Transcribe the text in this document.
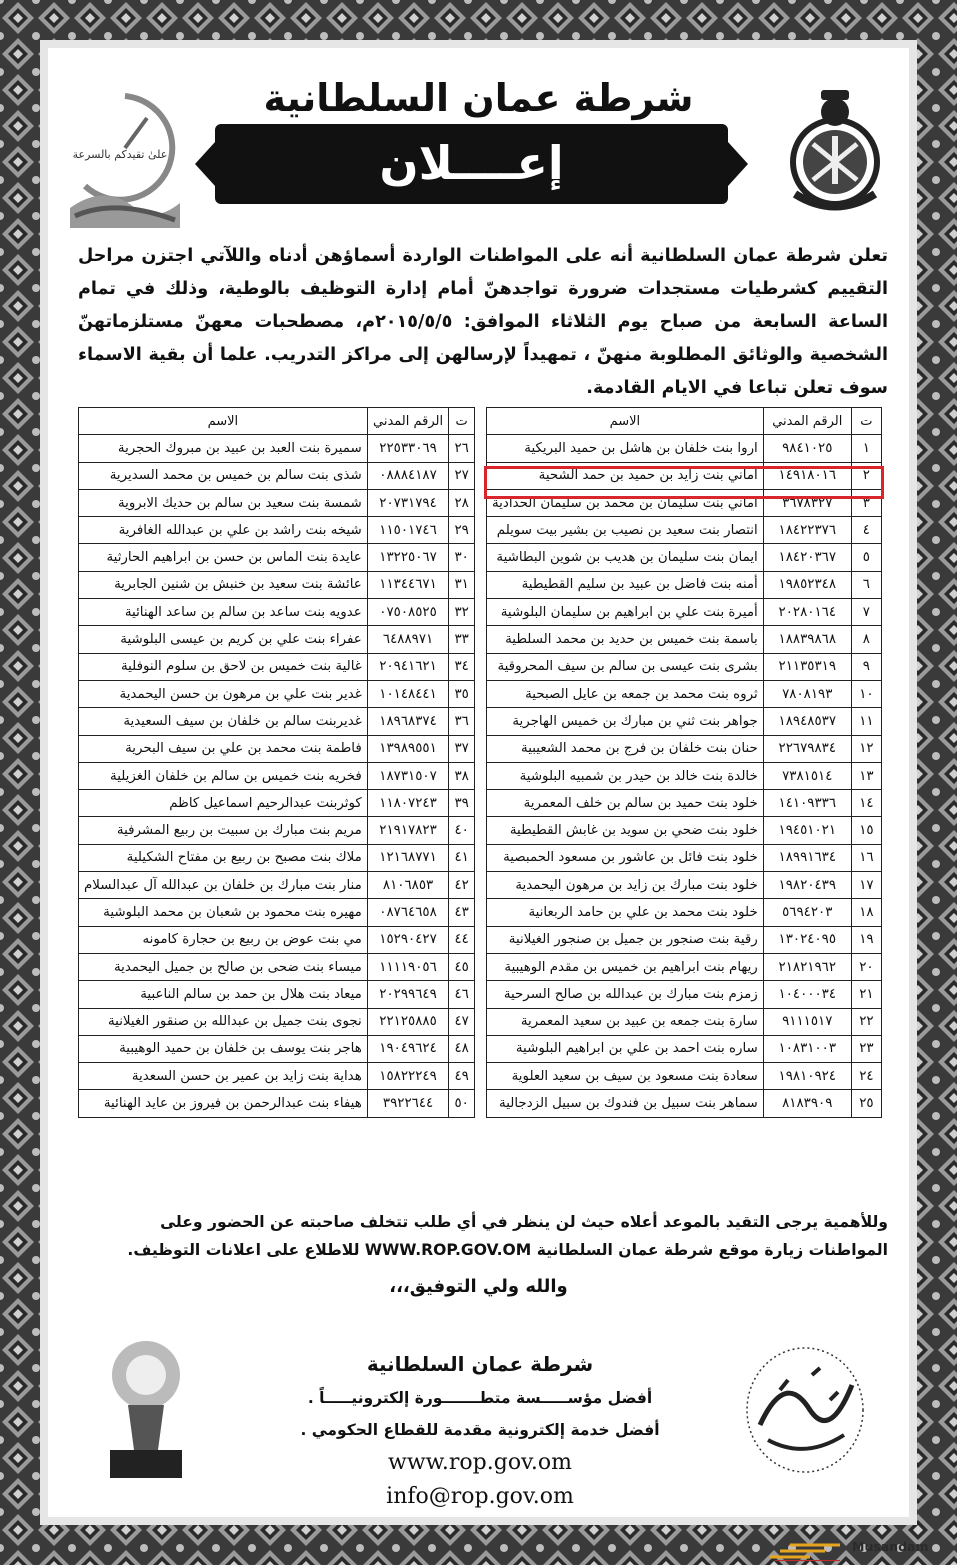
علىٰ تقيدكم بالسرعة
شرطة عمان السلطانية
إعــــلان
تعلن شرطة عمان السلطانية أنه على المواطنات الواردة أسماؤهن أدناه واللآتي اجتزن مراحل التقييم كشرطيات مستجدات ضرورة تواجدهنّ أمام إدارة التوظيف بالوطية، وذلك في تمام الساعة السابعة من صباح يوم الثلاثاء الموافق: ٢٠١٥/٥/٥م، مصطحبات معهنّ مستلزماتهنّ الشخصية والوثائق المطلوبة منهنّ ، تمهيداً لإرسالهن إلى مراكز التدريب. علما أن بقية الاسماء سوف تعلن تباعا في الايام القادمة.
ت	الرقم المدني	الاسم
١	٩٨٤١٠٢٥	اروا بنت خلفان بن هاشل بن حميد البريكية
٢	١٤٩١٨٠١٦	اماني بنت زايد بن حميد بن حمد الشحية
٣	٣٦٧٨٣٢٧	اماني بنت سليمان بن محمد بن سليمان الحدادية
٤	١٨٤٢٢٣٧٦	انتصار بنت سعيد بن نصيب بن بشير بيت سويلم
٥	١٨٤٢٠٣٦٧	ايمان بنت سليمان بن هديب بن شوين البطاشية
٦	١٩٨٥٢٣٤٨	أمنه بنت فاضل بن عبيد بن سليم القطيطية
٧	٢٠٢٨٠١٦٤	أميرة بنت علي بن ابراهيم بن سليمان البلوشية
٨	١٨٨٣٩٨٦٨	باسمة بنت خميس بن حديد بن محمد السلطية
٩	٢١١٣٥٣١٩	بشرى بنت عيسى بن سالم بن سيف المحروقية
١٠	٧٨٠٨١٩٣	ثروه بنت محمد بن جمعه بن عايل الصبحية
١١	١٨٩٤٨٥٣٧	جواهر بنت ثني بن مبارك بن خميس الهاجرية
١٢	٢٢٦٧٩٨٣٤	حنان بنت خلفان بن فرج بن محمد الشعيبية
١٣	٧٣٨١٥١٤	خالدة بنت خالد بن حيدر بن شمبيه البلوشية
١٤	١٤١٠٩٣٣٦	خلود بنت حميد بن سالم بن خلف المعمرية
١٥	١٩٤٥١٠٢١	خلود بنت ضحي بن سويد بن غابش القطيطية
١٦	١٨٩٩١٦٣٤	خلود بنت فائل بن عاشور بن مسعود الحمبصية
١٧	١٩٨٢٠٤٣٩	خلود بنت مبارك بن زايد بن مرهون اليحمدية
١٨	٥٦٩٤٢٠٣	خلود بنت محمد بن علي بن حامد الربعانية
١٩	١٣٠٢٤٠٩٥	رقية بنت صنجور بن جميل بن صنجور الغيلانية
٢٠	٢١٨٢١٩٦٢	ريهام بنت ابراهيم بن خميس بن مقدم الوهيبية
٢١	١٠٤٠٠٠٣٤	زمزم بنت مبارك بن عبدالله بن صالح السرحية
٢٢	٩١١١٥١٧	سارة بنت جمعه بن عبيد بن سعيد المعمرية
٢٣	١٠٨٣١٠٠٣	ساره بنت احمد بن علي بن ابراهيم البلوشية
٢٤	١٩٨١٠٩٢٤	سعادة بنت مسعود بن سيف بن سعيد العلوية
٢٥	٨١٨٣٩٠٩	سماهر بنت سبيل بن فندوك بن سبيل الزدجالية
ت	الرقم المدني	الاسم
٢٦	٢٢٥٣٣٠٦٩	سميرة بنت العبد بن عبيد بن مبروك الحجرية
٢٧	٠٨٨٨٤١٨٧	شذى بنت سالم بن خميس بن محمد السديرية
٢٨	٢٠٧٣١٧٩٤	شمسة بنت سعيد بن سالم بن حديك الابروية
٢٩	١١٥٠١٧٤٦	شيخه بنت راشد بن علي بن عبدالله الغافرية
٣٠	١٣٢٢٥٠٦٧	عايدة بنت الماس بن حسن بن ابراهيم الحارثية
٣١	١١٣٤٤٦٧١	عائشة بنت سعيد بن خنبش بن شنين الجابرية
٣٢	٠٧٥٠٨٥٢٥	عدويه بنت ساعد بن سالم بن ساعد الهنائية
٣٣	٦٤٨٨٩٧١	عفراء بنت علي بن كريم بن عيسى البلوشية
٣٤	٢٠٩٤١٦٢١	غالية بنت خميس بن لاحق بن سلوم النوفلية
٣٥	١٠١٤٨٤٤١	غدير بنت علي بن مرهون بن حسن اليحمدية
٣٦	١٨٩٦٨٣٧٤	غديربنت سالم بن خلفان بن سيف السعيدية
٣٧	١٣٩٨٩٥٥١	فاطمة بنت محمد بن علي بن سيف البحرية
٣٨	١٨٧٣١٥٠٧	فخريه بنت خميس بن سالم بن خلفان الغزيلية
٣٩	١١٨٠٧٢٤٣	كوثربنت عبدالرحيم اسماعيل كاظم
٤٠	٢١٩١٧٨٢٣	مريم بنت مبارك بن سبيت بن ربيع المشرفية
٤١	١٢١٦٨٧٧١	ملاك بنت مصبح بن ربيع بن مفتاح الشكيلية
٤٢	٨١٠٦٨٥٣	منار بنت مبارك بن خلفان بن عبدالله آل عبدالسلام
٤٣	٠٨٧٦٤٦٥٨	مهيره بنت محمود بن شعبان بن محمد البلوشية
٤٤	١٥٢٩٠٤٢٧	مي بنت عوض بن ربيع بن حجارة كامونه
٤٥	١١١١٩٠٥٦	ميساء بنت ضحى بن صالح بن جميل اليحمدية
٤٦	٢٠٢٩٩٦٤٩	ميعاد بنت هلال بن حمد بن سالم الناعبية
٤٧	٢٢١٢٥٨٨٥	نجوى بنت جميل بن عبدالله بن صنقور الغيلانية
٤٨	١٩٠٤٩٦٢٤	هاجر بنت يوسف بن خلفان بن حميد الوهيبية
٤٩	١٥٨٢٢٢٤٩	هداية بنت زايد بن عمير بن حسن السعدية
٥٠	٣٩٢٢٦٤٤	هيفاء بنت عبدالرحمن بن فيروز بن عايد الهنائية
وللأهمية يرجى التقيد بالموعد أعلاه حيث لن ينظر في أي طلب تتخلف صاحبته عن الحضور وعلى المواطنات زيارة موقع شرطة عمان السلطانية WWW.ROP.GOV.OM للاطلاع على اعلانات التوظيف.
والله ولي التوفيق،،،
شرطة عمان السلطانية
أفضل مؤســـــسة متطـــــــورة إلكترونيـــــاً .
أفضل خدمة إلكترونية مقدمة للقطاع الحكومي .
www.rop.gov.om
info@rop.gov.om
Musandam
